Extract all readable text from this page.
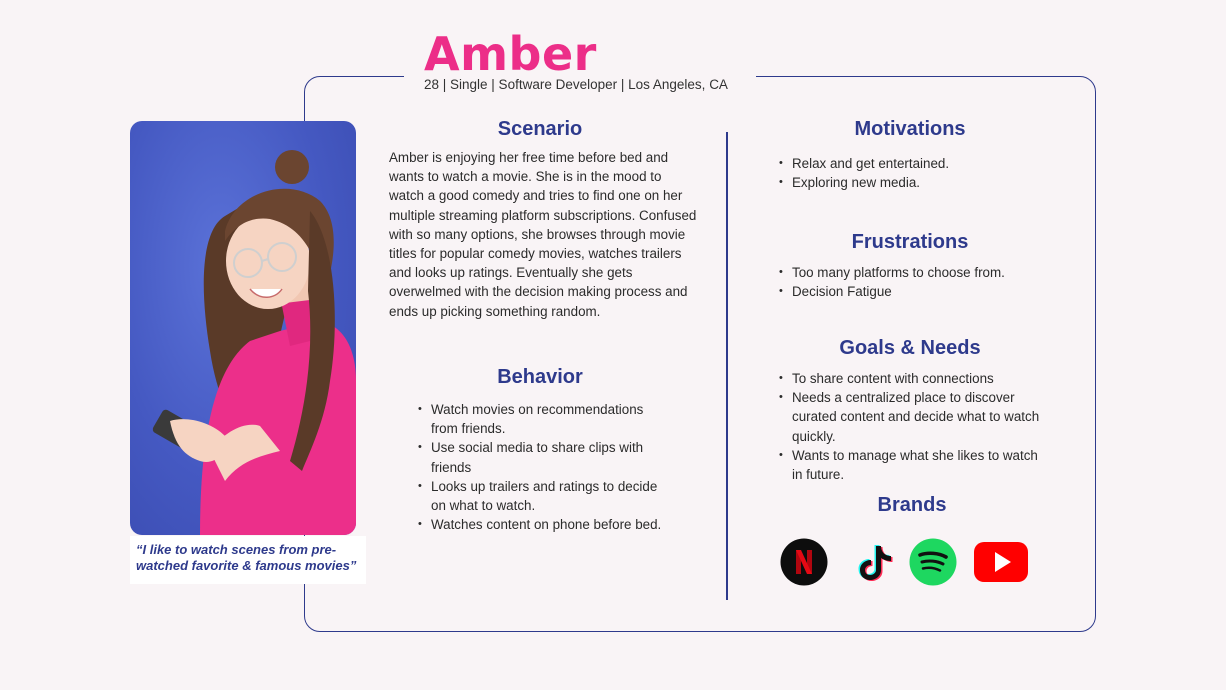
Amber
28 | Single | Software Developer | Los Angeles, CA
“I like to watch scenes from pre-watched favorite & famous movies”
Scenario
Amber is enjoying her free time before bed and wants to watch a movie. She is in the mood to watch a good comedy and tries to find one on her multiple streaming platform subscriptions. Confused with so many options, she browses through movie titles for popular comedy movies, watches trailers and looks up ratings. Eventually she gets overwelmed with the decision making process and ends up picking something random.
Behavior
• Watch movies on recommendations from friends.
• Use social media to share clips with friends
• Looks up trailers and ratings to decide on what to watch.
• Watches content on phone before bed.
Motivations
• Relax and get entertained.
• Exploring new media.
Frustrations
• Too many platforms to choose from.
• Decision Fatigue
Goals & Needs
• To share content with connections
• Needs a centralized place to discover curated content and decide what to watch quickly.
• Wants to manage what she likes to watch in future.
Brands
